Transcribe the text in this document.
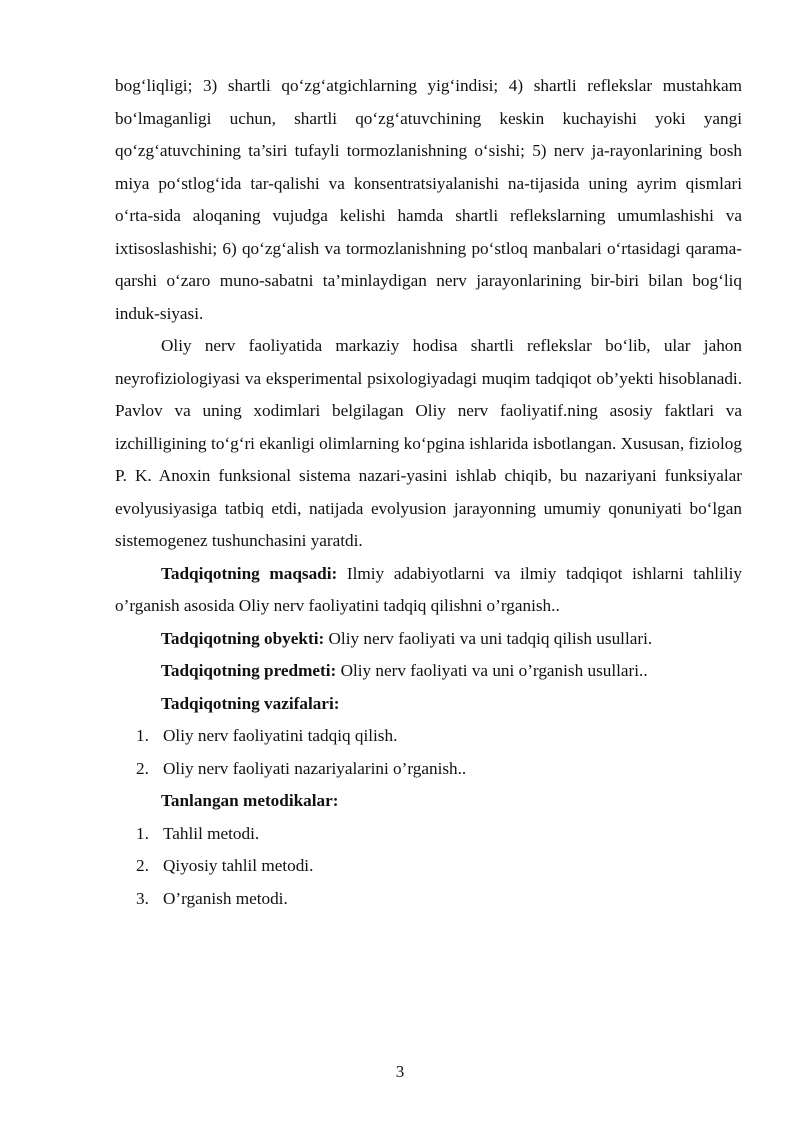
bog‘liqligi; 3) shartli qo‘zg‘atgichlarning yig‘indisi; 4) shartli reflekslar mustahkam bo‘lmaganligi uchun, shartli qo‘zg‘atuvchining keskin kuchayishi yoki yangi qo‘zg‘atuvchining ta’siri tufayli tormozlanishning o‘sishi; 5) nerv ja-rayonlarining bosh miya po‘stlog‘ida tar-qalishi va konsentratsiyalanishi na-tijasida uning ayrim qismlari o‘rta-sida aloqaning vujudga kelishi hamda shartli reflekslarning umumlashishi va ixtisoslashishi; 6) qo‘zg‘alish va tormozlanishning po‘stloq manbalari o‘rtasidagi qarama-qarshi o‘zaro muno-sabatni ta’minlaydigan nerv jarayonlarining bir-biri bilan bog‘liq induk-siyasi.

Oliy nerv faoliyatida markaziy hodisa shartli reflekslar bo‘lib, ular jahon neyrofiziologiyasi va eksperimental psixologiyadagi muqim tadqiqot ob’yekti hisoblanadi. Pavlov va uning xodimlari belgilagan Oliy nerv faoliyatif.ning asosiy faktlari va izchilligining to‘g‘ri ekanligi olimlarning ko‘pgina ishlarida isbotlangan. Xususan, fiziolog P. K. Anoxin funksional sistema nazari-yasini ishlab chiqib, bu nazariyani funksiyalar evolyusiyasiga tatbiq etdi, natijada evolyusion jarayonning umumiy qonuniyati bo‘lgan sistemogenez tushunchasini yaratdi.

Tadqiqotning maqsadi: Ilmiy adabiyotlarni va ilmiy tadqiqot ishlarni tahliliy o’rganish asosida Oliy nerv faoliyatini tadqiq qilishni o’rganish..

Tadqiqotning obyekti: Oliy nerv faoliyati va uni tadqiq qilish usullari.

Tadqiqotning predmeti: Oliy nerv faoliyati va uni o’rganish usullari..

Tadqiqotning vazifalari:

1. Oliy nerv faoliyatini tadqiq qilish.
2. Oliy nerv faoliyati nazariyalarini o’rganish..

Tanlangan metodikalar:

1. Tahlil metodi.
2. Qiyosiy tahlil metodi.
3. O’rganish metodi.
3
